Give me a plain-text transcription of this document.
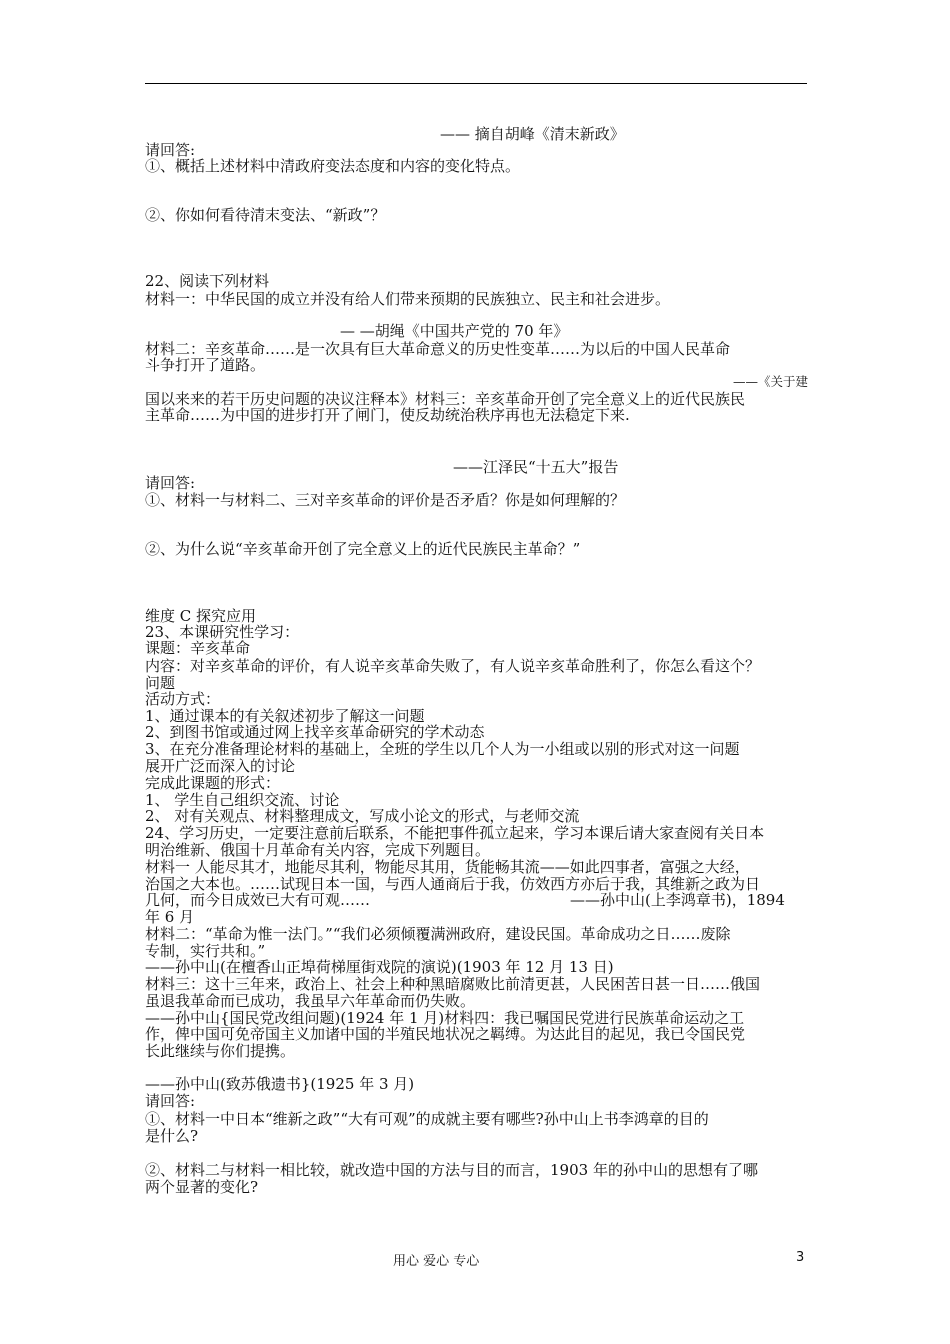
—— 摘自胡峰《清末新政》
请回答:
①、概括上述材料中清政府变法态度和内容的变化特点。
②、你如何看待清末变法、“新政”？
22、阅读下列材料
材料一：中华民国的成立并没有给人们带来预期的民族独立、民主和社会进步。
— —胡绳《中国共产党的 70 年》
材料二：辛亥革命……是一次具有巨大革命意义的历史性变革……为以后的中国人民革命
斗争打开了道路。
——《关于建
国以来来的若干历史问题的决议注释本》材料三：辛亥革命开创了完全意义上的近代民族民
主革命……为中国的进步打开了闸门，使反劫统治秩序再也无法稳定下来.
——江泽民“十五大”报告
请回答:
①、材料一与材料二、三对辛亥革命的评价是否矛盾？你是如何理解的？
②、为什么说“辛亥革命开创了完全意义上的近代民族民主革命？”
维度 C 探究应用
23、本课研究性学习：
课题：辛亥革命
内容：对辛亥革命的评价，有人说辛亥革命失败了，有人说辛亥革命胜利了，你怎么看这个？
问题
活动方式：
1、通过课本的有关叙述初步了解这一问题
2、到图书馆或通过网上找辛亥革命研究的学术动态
3、在充分准备理论材料的基础上，全班的学生以几个人为一小组或以别的形式对这一问题
展开广泛而深入的讨论
完成此课题的形式：
1、 学生自己组织交流、讨论
2、 对有关观点、材料整理成文，写成小论文的形式，与老师交流
24、学习历史，一定要注意前后联系，不能把事件孤立起来，学习本课后请大家查阅有关日本
明治维新、俄国十月革命有关内容，完成下列题目。
材料一 人能尽其才，地能尽其利，物能尽其用，货能畅其流——如此四事者，富强之大经，
治国之大本也。……试现日本一国，与西人通商后于我，仿效西方亦后于我，其维新之政为日
几何，而今日成效已大有可观……	——孙中山(上李鸿章书)，1894
年 6 月
材料二：“革命为惟一法门。”“我们必须倾覆满洲政府，建设民国。革命成功之日……废除
专制，实行共和。”
——孙中山(在檀香山正埠荷梯厘街戏院的演说)(1903 年 12 月 13 日)
材料三：这十三年来，政治上、社会上种种黑暗腐败比前清更甚，人民困苦日甚一日……俄国
虽退我革命而已成功，我虽早六年革命而仍失败。
——孙中山{国民党改组问题)(1924 年 1 月)材料四：我已嘱国民党进行民族革命运动之工
作，俾中国可免帝国主义加诸中国的半殖民地状况之羁缚。为达此目的起见，我已令国民党
长此继续与你们提携。
——孙中山(致苏俄遗书}(1925 年 3 月)
请回答:
①、材料一中日本“维新之政”“大有可观”的成就主要有哪些?孙中山上书李鸿章的目的
是什么?
②、材料二与材料一相比较，就改造中国的方法与目的而言，1903 年的孙中山的思想有了哪
两个显著的变化?
用心 爱心 专心	3
